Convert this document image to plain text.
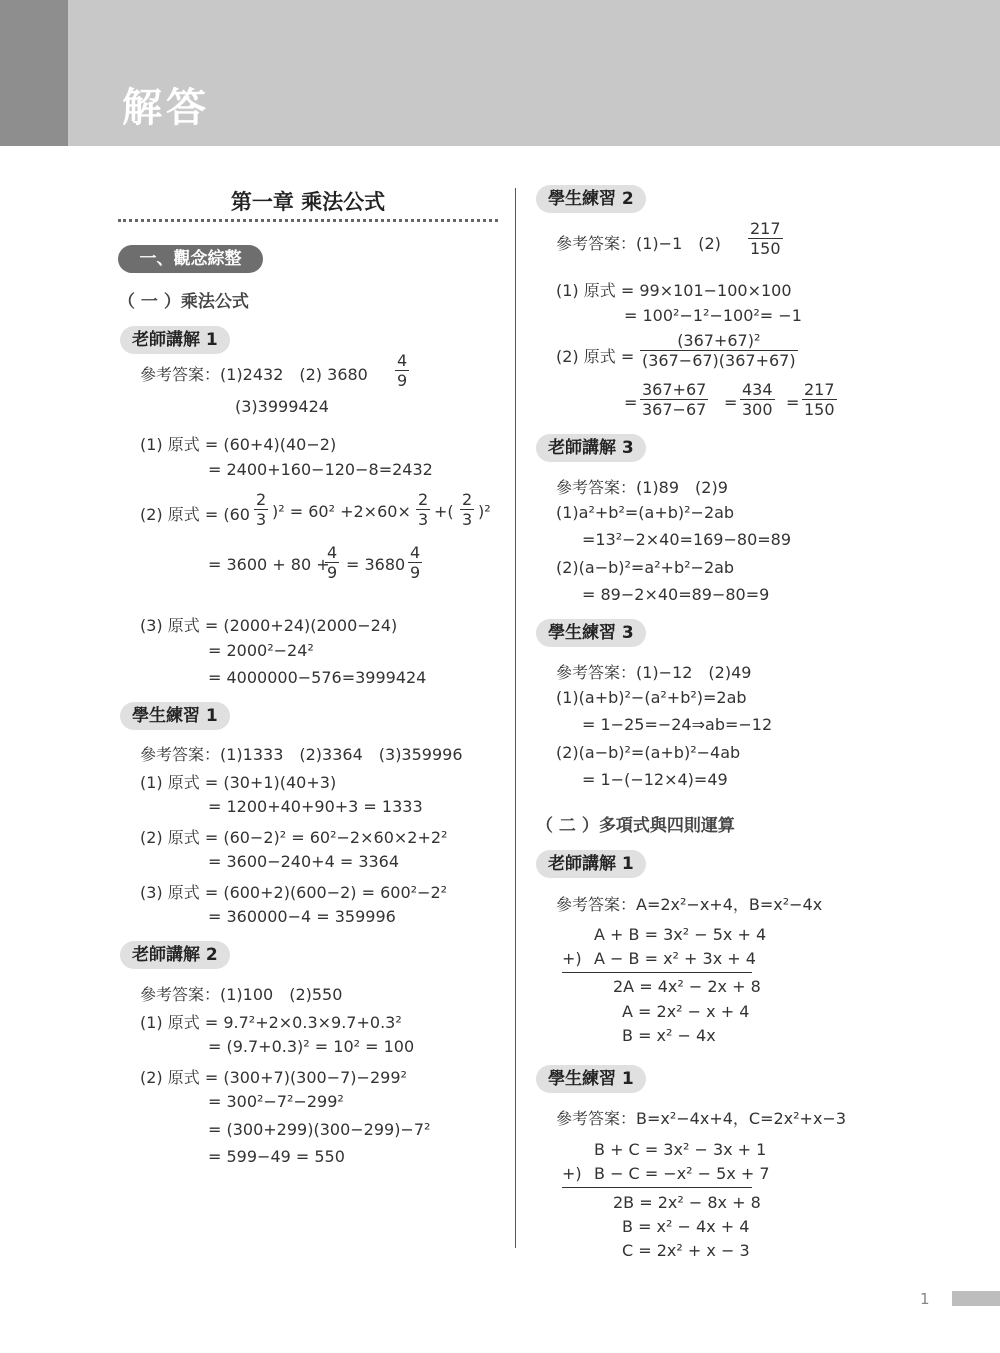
解答
第一章 乘法公式
一、觀念綜整
（ 一 ）乘法公式
老師講解 1
參考答案：(1)2432　(2) $3680 \frac{4}{9}$
(3)3999424
(1) 原式 = (60+4)(40−2)
= 2400+160−120−8=2432
(2) 原式 = $(60 \frac{2}{3} )^2 = 60^2 +2\times 60\times \frac{2}{3}$ +( $\frac{2}{3} )^2$
= 3600 + 80 +
$\frac{4}{9} = 3680 \frac{4}{9}$
(3) 原式 = (2000+24)(2000−24)
= 2000²−24²
= 4000000−576=3999424
學生練習 1
參考答案：(1)1333　(2)3364　(3)359996
(1) 原式 = (30+1)(40+3)
= 1200+40+90+3 = 1333
(2) 原式 = (60−2)² = 60²−2×60×2+2²
= 3600−240+4 = 3364
(3) 原式 = (600+2)(600−2) = 600²−2²
= 360000−4 = 359996
老師講解 2
參考答案：(1)100　(2)550
(1) 原式 = 9.7²+2×0.3×9.7+0.3²
= (9.7+0.3)² = 10² = 100
(2) 原式 = (300+7)(300−7)−299²
= 300²−7²−299²
= (300+299)(300−299)−7²
= 599−49 = 550
學生練習 2
參考答案：(1)−1　$(2) \frac{217}{150}$
(1) 原式 = 99×101−100×100
= 100²−1²−100²= −1
(2) 原式 = $\frac{\text{(367+67)²}}{(367-67)(367+67)}$
= $\frac{367+67}{367-67} = \frac{434}{300} = \frac{217}{150}$
老師講解 3
參考答案：(1)89　(2)9
(1)a²+b²=(a+b)²−2ab
=13²−2×40=169−80=89
(2)(a−b)²=a²+b²−2ab
= 89−2×40=89−80=9
學生練習 3
參考答案：(1)−12　(2)49
(1)(a+b)²−(a²+b²)=2ab
= 1−25=−24⇒ab=−12
(2)(a−b)²=(a+b)²−4ab
= 1−(−12×4)=49
（ 二 ）多項式與四則運算
老師講解 1
參考答案：A=2x²−x+4，B=x²−4x
A + B = 3x² − 5x + 4
+) A − B = x² + 3x + 4
2A = 4x² − 2x + 8
A = 2x² − x + 4
B = x² − 4x
學生練習 1
參考答案：B=x²−4x+4，C=2x²+x−3
B + C = 3x² − 3x + 1
+) B − C = −x² − 5x + 7
2B = 2x² − 8x + 8
B = x² − 4x + 4
C = 2x² + x − 3
1
